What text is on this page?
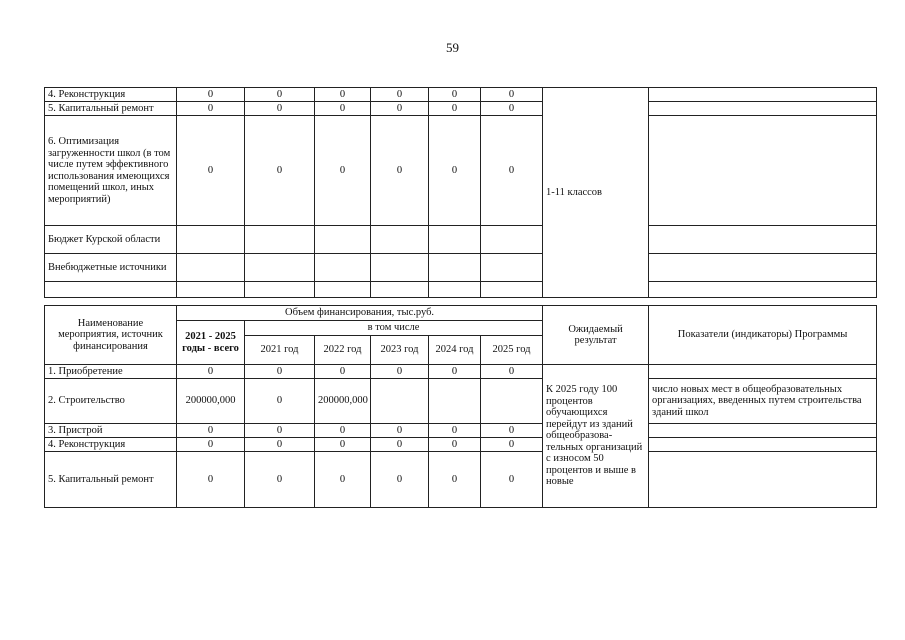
59
4. Реконструкция	0	0	0	0	0	0	1-11 классов	
5. Капитальный ремонт	0	0	0	0	0	0		
6. Оптимизация загруженности школ (в том числе путем эффективного использования имеющихся помещений школ, иных мероприятий)	0	0	0	0	0	0		
Бюджет Курской области								
Внебюджетные источники								

Наименование мероприятия, источник финансирования	Объем финансирования, тыс.руб.						Ожидаемый результат	Показатели (индикаторы) Программы
	2021 - 2025 годы - всего	в том числе						
		2021 год	2022 год	2023 год	2024 год	2025 год		
1. Приобретение	0	0	0	0	0	0	К 2025 году 100 процентов обучающихся перейдут из зданий общеобразова-тельных организаций с износом 50 процентов и выше в новые	
2. Строительство	200000,000	0	200000,000					число новых мест в общеобразовательных организациях, введенных путем строительства зданий школ
3. Пристрой	0	0	0	0	0	0		
4. Реконструкция	0	0	0	0	0	0		
5. Капитальный ремонт	0	0	0	0	0	0		
